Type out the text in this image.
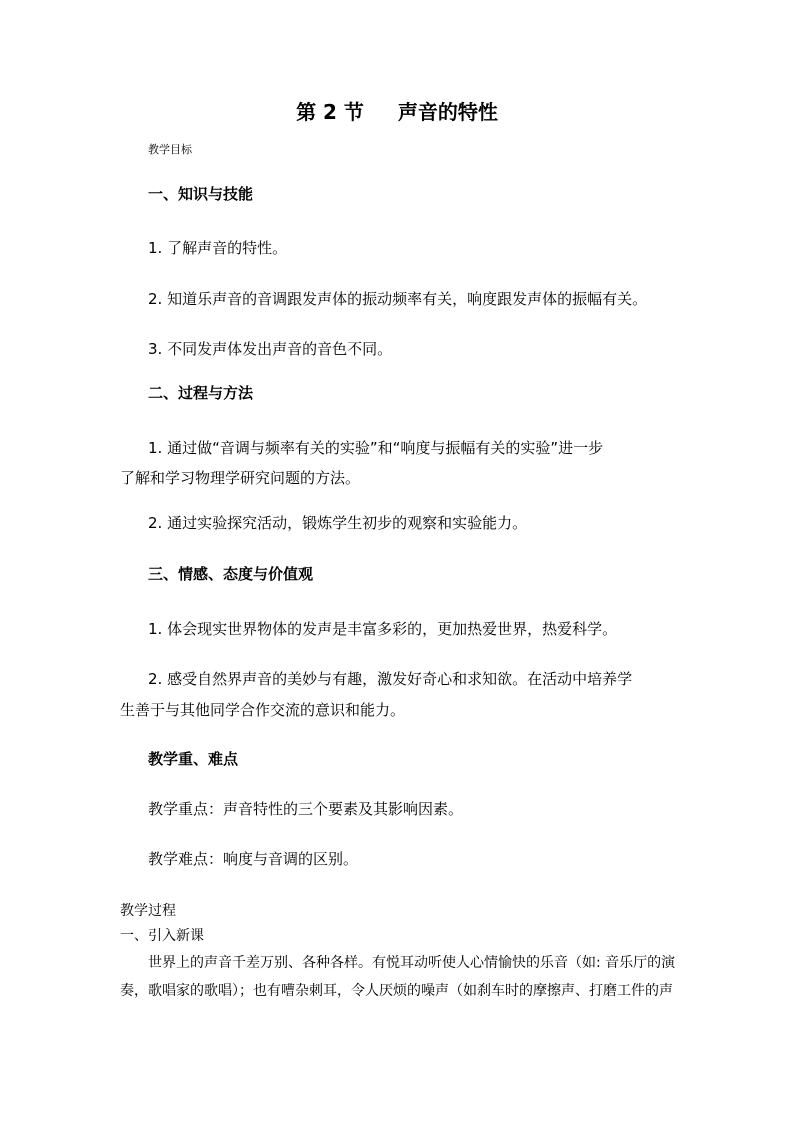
第 2 节 声音的特性
教学目标
一、知识与技能
1. 了解声音的特性。
2. 知道乐声音的音调跟发声体的振动频率有关，响度跟发声体的振幅有关。
3. 不同发声体发出声音的音色不同。
二、过程与方法
1. 通过做“音调与频率有关的实验”和“响度与振幅有关的实验”进一步
了解和学习物理学研究问题的方法。
2. 通过实验探究活动，锻炼学生初步的观察和实验能力。
三、情感、态度与价值观
1. 体会现实世界物体的发声是丰富多彩的，更加热爱世界，热爱科学。
2. 感受自然界声音的美妙与有趣，激发好奇心和求知欲。在活动中培养学
生善于与其他同学合作交流的意识和能力。
教学重、难点
教学重点：声音特性的三个要素及其影响因素。
教学难点：响度与音调的区别。
教学过程
一、引入新课
世界上的声音千差万别、各种各样。有悦耳动听使人心情愉快的乐音（如: 音乐厅的演
奏，歌唱家的歌唱）；也有嘈杂刺耳，令人厌烦的噪声（如刹车时的摩擦声、打磨工件的声
